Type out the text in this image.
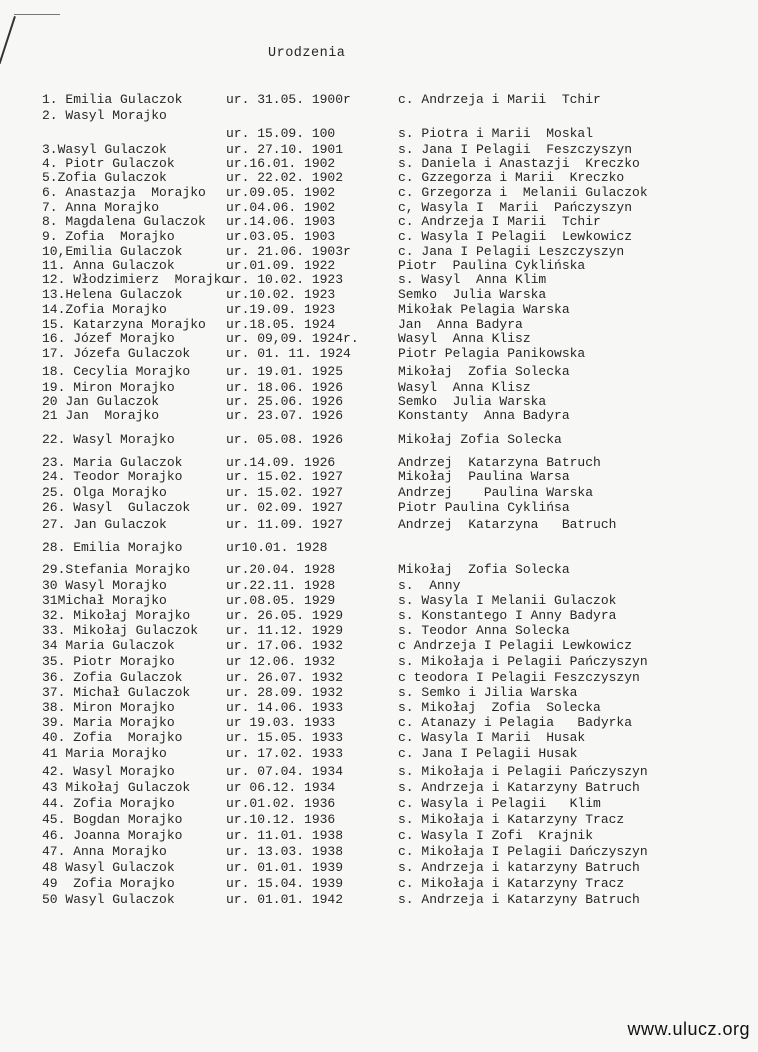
Urodzenia
1. Emilia Gulaczok	ur. 31.05. 1900r	c. Andrzeja i Marii  Tchir
2. Wasyl Morajko
ur. 15.09. 100	s. Piotra i Marii  Moskal
3.Wasyl Gulaczok	ur. 27.10. 1901	s. Jana I Pelagii  Feszczyszyn
4. Piotr Gulaczok	ur.16.01. 1902	s. Daniela i Anastazji  Kreczko
5.Zofia Gulaczok	ur. 22.02. 1902	c. Gzzegorza i Marii  Kreczko
6. Anastazja  Morajko ur.09.05. 1902	c. Grzegorza i  Melanii Gulaczok
7. Anna Morajko	ur.04.06. 1902	c, Wasyla I  Marii  Pańczyszyn
8. Magdalena Gulaczok ur.14.06. 1903	c. Andrzeja I Marii  Tchir
9. Zofia  Morajko	ur.03.05. 1903	c. Wasyla I Pelagii  Lewkowicz
10,Emilia Gulaczok	ur. 21.06. 1903r	c. Jana I Pelagii Leszczyszyn
11. Anna Gulaczok	ur.01.09. 1922	Piotr  Paulina Cyklińska
12. Włodzimierz  Morajko
ur. 10.02. 1923	s. Wasyl  Anna Klim
13.Helena Gulaczok	ur.10.02. 1923	Semko  Julia Warska
14.Zofia Morajko	ur.19.09. 1923	Mikołak Pelagia Warska
15. Katarzyna Morajko ur.18.05. 1924	Jan  Anna Badyra
16. Józef Morajko	ur. 09,09. 1924r.	Wasyl  Anna Klisz
17. Józefa Gulaczok	ur. 01. 11. 1924	Piotr Pelagia Panikowska
18. Cecylia Morajko	ur. 19.01. 1925	Mikołaj  Zofia Solecka
19. Miron Morajko	ur. 18.06. 1926	Wasyl  Anna Klisz
20 Jan Gulaczok	ur. 25.06. 1926	Semko  Julia Warska
21 Jan  Morajko	ur. 23.07. 1926	Konstanty  Anna Badyra
22. Wasyl Morajko	ur. 05.08. 1926	Mikołaj Zofia Solecka
23. Maria Gulaczok	ur.14.09. 1926	Andrzej  Katarzyna Batruch
24. Teodor Morajko	ur. 15.02. 1927	Mikołaj  Paulina Warsa
25. Olga Morajko	ur. 15.02. 1927	Andrzej    Paulina Warska
26. Wasyl  Gulaczok	ur. 02.09. 1927	Piotr Paulina Cyklińsa
27. Jan Gulaczok	ur. 11.09. 1927	Andrzej  Katarzyna   Batruch
28. Emilia Morajko	ur10.01. 1928
29.Stefania Morajko	ur.20.04. 1928	Mikołaj  Zofia Solecka
30 Wasyl Morajko	ur.22.11. 1928	s.  Anny
31Michał Morajko	ur.08.05. 1929	s. Wasyla I Melanii Gulaczok
32. Mikołaj Morajko	ur. 26.05. 1929	s. Konstantego I Anny Badyra
33. Mikołaj Gulaczok ur. 11.12. 1929	s. Teodor Anna Solecka
34 Maria Gulaczok	ur. 17.06. 1932	c Andrzeja I Pelagii Lewkowicz
35. Piotr Morajko	ur 12.06. 1932	s. Mikołaja i Pelagii Pańczyszyn
36. Zofia Gulaczok	ur. 26.07. 1932	c teodora I Pelagii Feszczyszyn
37. Michał Gulaczok	ur. 28.09. 1932	s. Semko i Jilia Warska
38. Miron Morajko	ur. 14.06. 1933	s. Mikołaj  Zofia  Solecka
39. Maria Morajko	ur 19.03. 1933	c. Atanazy i Pelagia   Badyrka
40. Zofia  Morajko	ur. 15.05. 1933	c. Wasyla I Marii  Husak
41 Maria Morajko	ur. 17.02. 1933	c. Jana I Pelagii Husak
42. Wasyl Morajko	ur. 07.04. 1934	s. Mikołaja i Pelagii Pańczyszyn
43 Mikołaj Gulaczok	ur 06.12. 1934	s. Andrzeja i Katarzyny Batruch
44. Zofia Morajko	ur.01.02. 1936	c. Wasyla i Pelagii   Klim
45. Bogdan Morajko	ur.10.12. 1936	s. Mikołaja i Katarzyny Tracz
46. Joanna Morajko	ur. 11.01. 1938	c. Wasyla I Zofi  Krajnik
47. Anna Morajko	ur. 13.03. 1938	c. Mikołaja I Pelagii Dańczyszyn
48 Wasyl Gulaczok	ur. 01.01. 1939	s. Andrzeja i katarzyny Batruch
49  Zofia Morajko	ur. 15.04. 1939	c. Mikołaja i Katarzyny Tracz
50 Wasyl Gulaczok	ur. 01.01. 1942	s. Andrzeja i Katarzyny Batruch
www.ulucz.org
